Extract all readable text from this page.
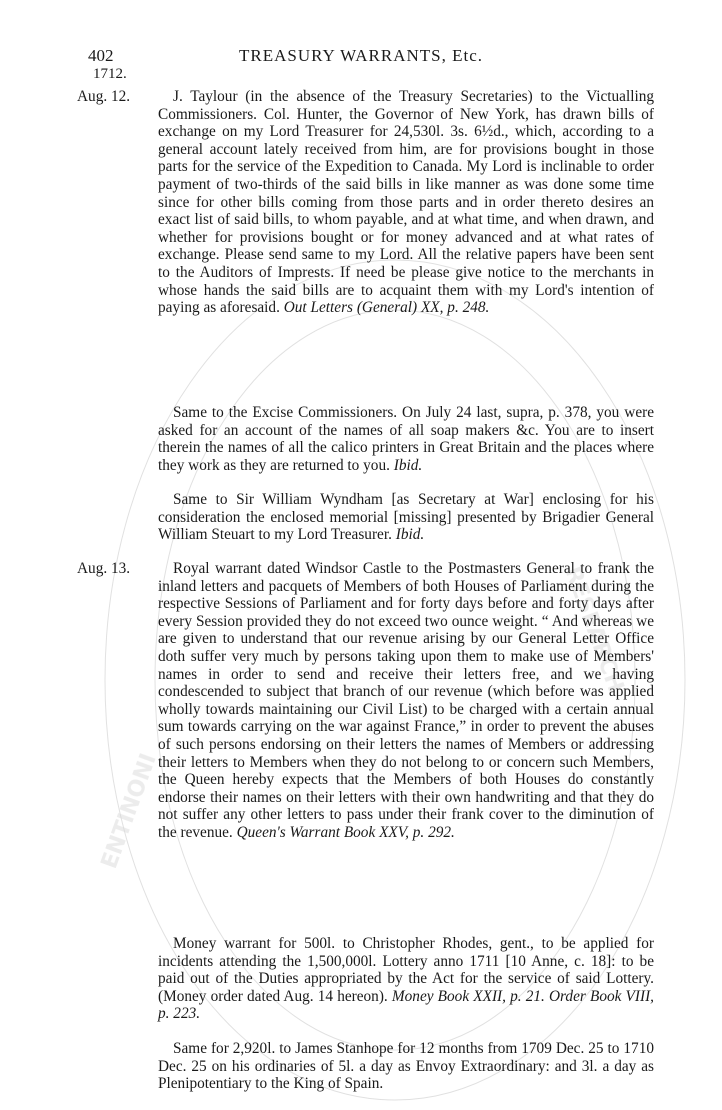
ENTINONI
RESEARCH
402	TREASURY WARRANTS, Etc.
1712.
Aug. 12.	J. Taylour (in the absence of the Treasury Secretaries) to the Victualling Commissioners. Col. Hunter, the Governor of New York, has drawn bills of exchange on my Lord Treasurer for 24,530l. 3s. 6½d., which, according to a general account lately received from him, are for provisions bought in those parts for the service of the Expedition to Canada. My Lord is inclinable to order payment of two-thirds of the said bills in like manner as was done some time since for other bills coming from those parts and in order thereto desires an exact list of said bills, to whom payable, and at what time, and when drawn, and whether for provisions bought or for money advanced and at what rates of exchange. Please send same to my Lord. All the relative papers have been sent to the Auditors of Imprests. If need be please give notice to the merchants in whose hands the said bills are to acquaint them with my Lord's intention of paying as aforesaid. Out Letters (General) XX, p. 248.

Same to the Excise Commissioners. On July 24 last, supra, p. 378, you were asked for an account of the names of all soap makers &c. You are to insert therein the names of all the calico printers in Great Britain and the places where they work as they are returned to you. Ibid.

Same to Sir William Wyndham [as Secretary at War] enclosing for his consideration the enclosed memorial [missing] presented by Brigadier General William Steuart to my Lord Treasurer. Ibid.

Aug. 13.	Royal warrant dated Windsor Castle to the Postmasters General to frank the inland letters and pacquets of Members of both Houses of Parliament during the respective Sessions of Parliament and for forty days before and forty days after every Session provided they do not exceed two ounce weight. “ And whereas we are given to understand that our revenue arising by our General Letter Office doth suffer very much by persons taking upon them to make use of Members' names in order to send and receive their letters free, and we having condescended to subject that branch of our revenue (which before was applied wholly towards maintaining our Civil List) to be charged with a certain annual sum towards carrying on the war against France,” in order to prevent the abuses of such persons endorsing on their letters the names of Members or addressing their letters to Members when they do not belong to or concern such Members, the Queen hereby expects that the Members of both Houses do constantly endorse their names on their letters with their own handwriting and that they do not suffer any other letters to pass under their frank cover to the diminution of the revenue. Queen's Warrant Book XXV, p. 292.

Money warrant for 500l. to Christopher Rhodes, gent., to be applied for incidents attending the 1,500,000l. Lottery anno 1711 [10 Anne, c. 18]: to be paid out of the Duties appropriated by the Act for the service of said Lottery. (Money order dated Aug. 14 hereon). Money Book XXII, p. 21. Order Book VIII, p. 223.

Same for 2,920l. to James Stanhope for 12 months from 1709 Dec. 25 to 1710 Dec. 25 on his ordinaries of 5l. a day as Envoy Extraordinary: and 3l. a day as Plenipotentiary to the King of Spain.
